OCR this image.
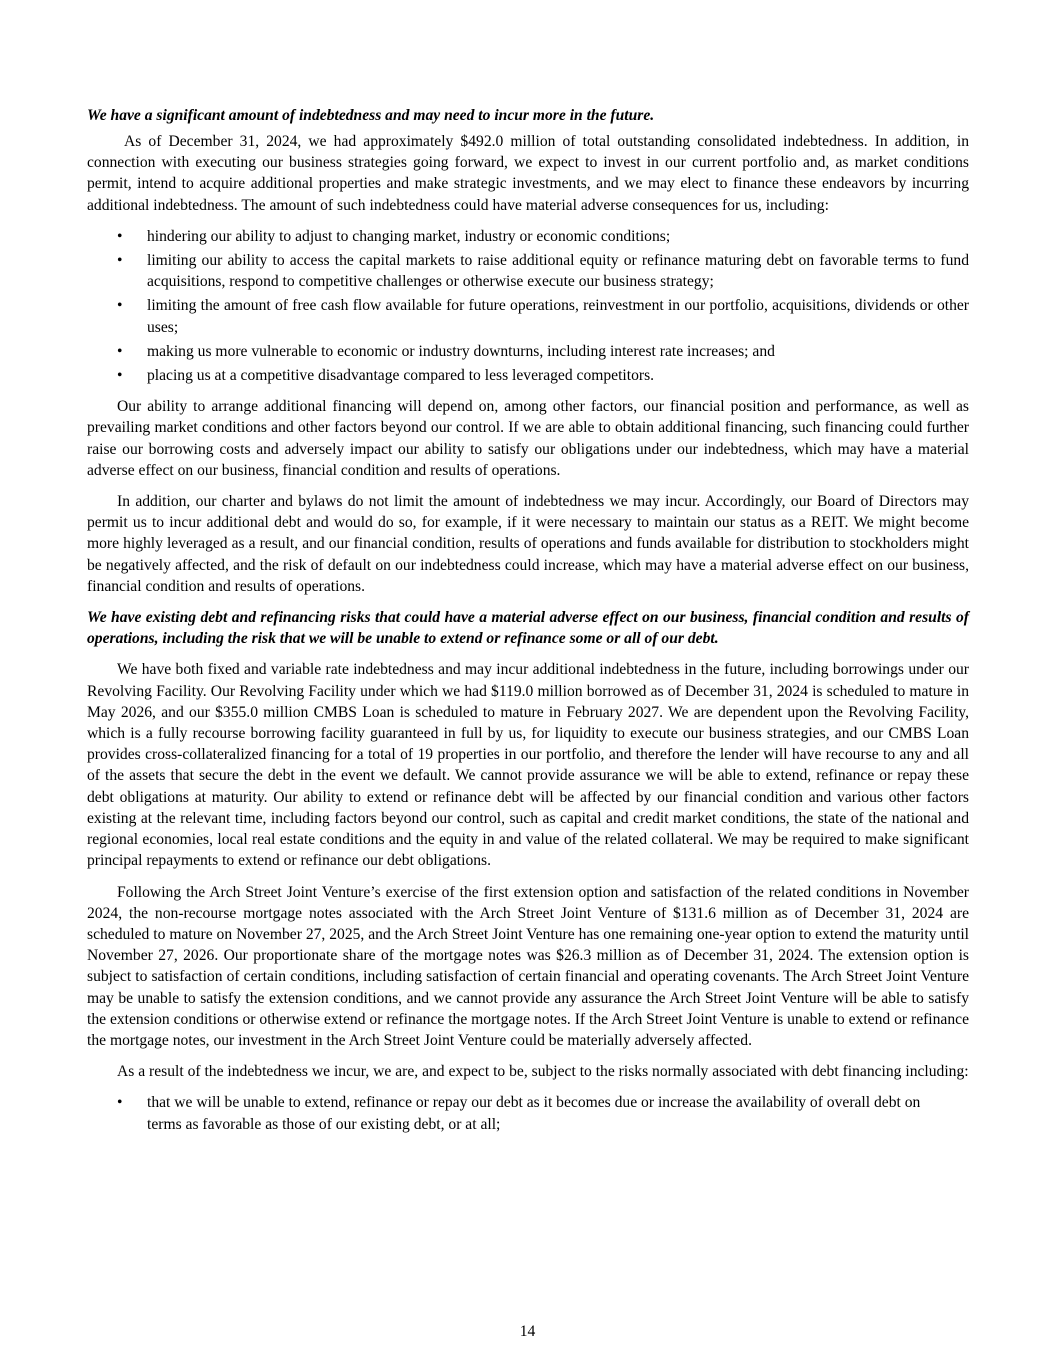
We have a significant amount of indebtedness and may need to incur more in the future.

As of December 31, 2024, we had approximately $492.0 million of total outstanding consolidated indebtedness. In addition, in connection with executing our business strategies going forward, we expect to invest in our current portfolio and, as market conditions permit, intend to acquire additional properties and make strategic investments, and we may elect to finance these endeavors by incurring additional indebtedness. The amount of such indebtedness could have material adverse consequences for us, including:

• hindering our ability to adjust to changing market, industry or economic conditions;
• limiting our ability to access the capital markets to raise additional equity or refinance maturing debt on favorable terms to fund acquisitions, respond to competitive challenges or otherwise execute our business strategy;
• limiting the amount of free cash flow available for future operations, reinvestment in our portfolio, acquisitions, dividends or other uses;
• making us more vulnerable to economic or industry downturns, including interest rate increases; and
• placing us at a competitive disadvantage compared to less leveraged competitors.

Our ability to arrange additional financing will depend on, among other factors, our financial position and performance, as well as prevailing market conditions and other factors beyond our control. If we are able to obtain additional financing, such financing could further raise our borrowing costs and adversely impact our ability to satisfy our obligations under our indebtedness, which may have a material adverse effect on our business, financial condition and results of operations.

In addition, our charter and bylaws do not limit the amount of indebtedness we may incur. Accordingly, our Board of Directors may permit us to incur additional debt and would do so, for example, if it were necessary to maintain our status as a REIT. We might become more highly leveraged as a result, and our financial condition, results of operations and funds available for distribution to stockholders might be negatively affected, and the risk of default on our indebtedness could increase, which may have a material adverse effect on our business, financial condition and results of operations.

We have existing debt and refinancing risks that could have a material adverse effect on our business, financial condition and results of operations, including the risk that we will be unable to extend or refinance some or all of our debt.

We have both fixed and variable rate indebtedness and may incur additional indebtedness in the future, including borrowings under our Revolving Facility. Our Revolving Facility under which we had $119.0 million borrowed as of December 31, 2024 is scheduled to mature in May 2026, and our $355.0 million CMBS Loan is scheduled to mature in February 2027. We are dependent upon the Revolving Facility, which is a fully recourse borrowing facility guaranteed in full by us, for liquidity to execute our business strategies, and our CMBS Loan provides cross-collateralized financing for a total of 19 properties in our portfolio, and therefore the lender will have recourse to any and all of the assets that secure the debt in the event we default. We cannot provide assurance we will be able to extend, refinance or repay these debt obligations at maturity. Our ability to extend or refinance debt will be affected by our financial condition and various other factors existing at the relevant time, including factors beyond our control, such as capital and credit market conditions, the state of the national and regional economies, local real estate conditions and the equity in and value of the related collateral. We may be required to make significant principal repayments to extend or refinance our debt obligations.

Following the Arch Street Joint Venture’s exercise of the first extension option and satisfaction of the related conditions in November 2024, the non-recourse mortgage notes associated with the Arch Street Joint Venture of $131.6 million as of December 31, 2024 are scheduled to mature on November 27, 2025, and the Arch Street Joint Venture has one remaining one-year option to extend the maturity until November 27, 2026. Our proportionate share of the mortgage notes was $26.3 million as of December 31, 2024. The extension option is subject to satisfaction of certain conditions, including satisfaction of certain financial and operating covenants. The Arch Street Joint Venture may be unable to satisfy the extension conditions, and we cannot provide any assurance the Arch Street Joint Venture will be able to satisfy the extension conditions or otherwise extend or refinance the mortgage notes. If the Arch Street Joint Venture is unable to extend or refinance the mortgage notes, our investment in the Arch Street Joint Venture could be materially adversely affected.

As a result of the indebtedness we incur, we are, and expect to be, subject to the risks normally associated with debt financing including:

• that we will be unable to extend, refinance or repay our debt as it becomes due or increase the availability of overall debt on terms as favorable as those of our existing debt, or at all;
14
